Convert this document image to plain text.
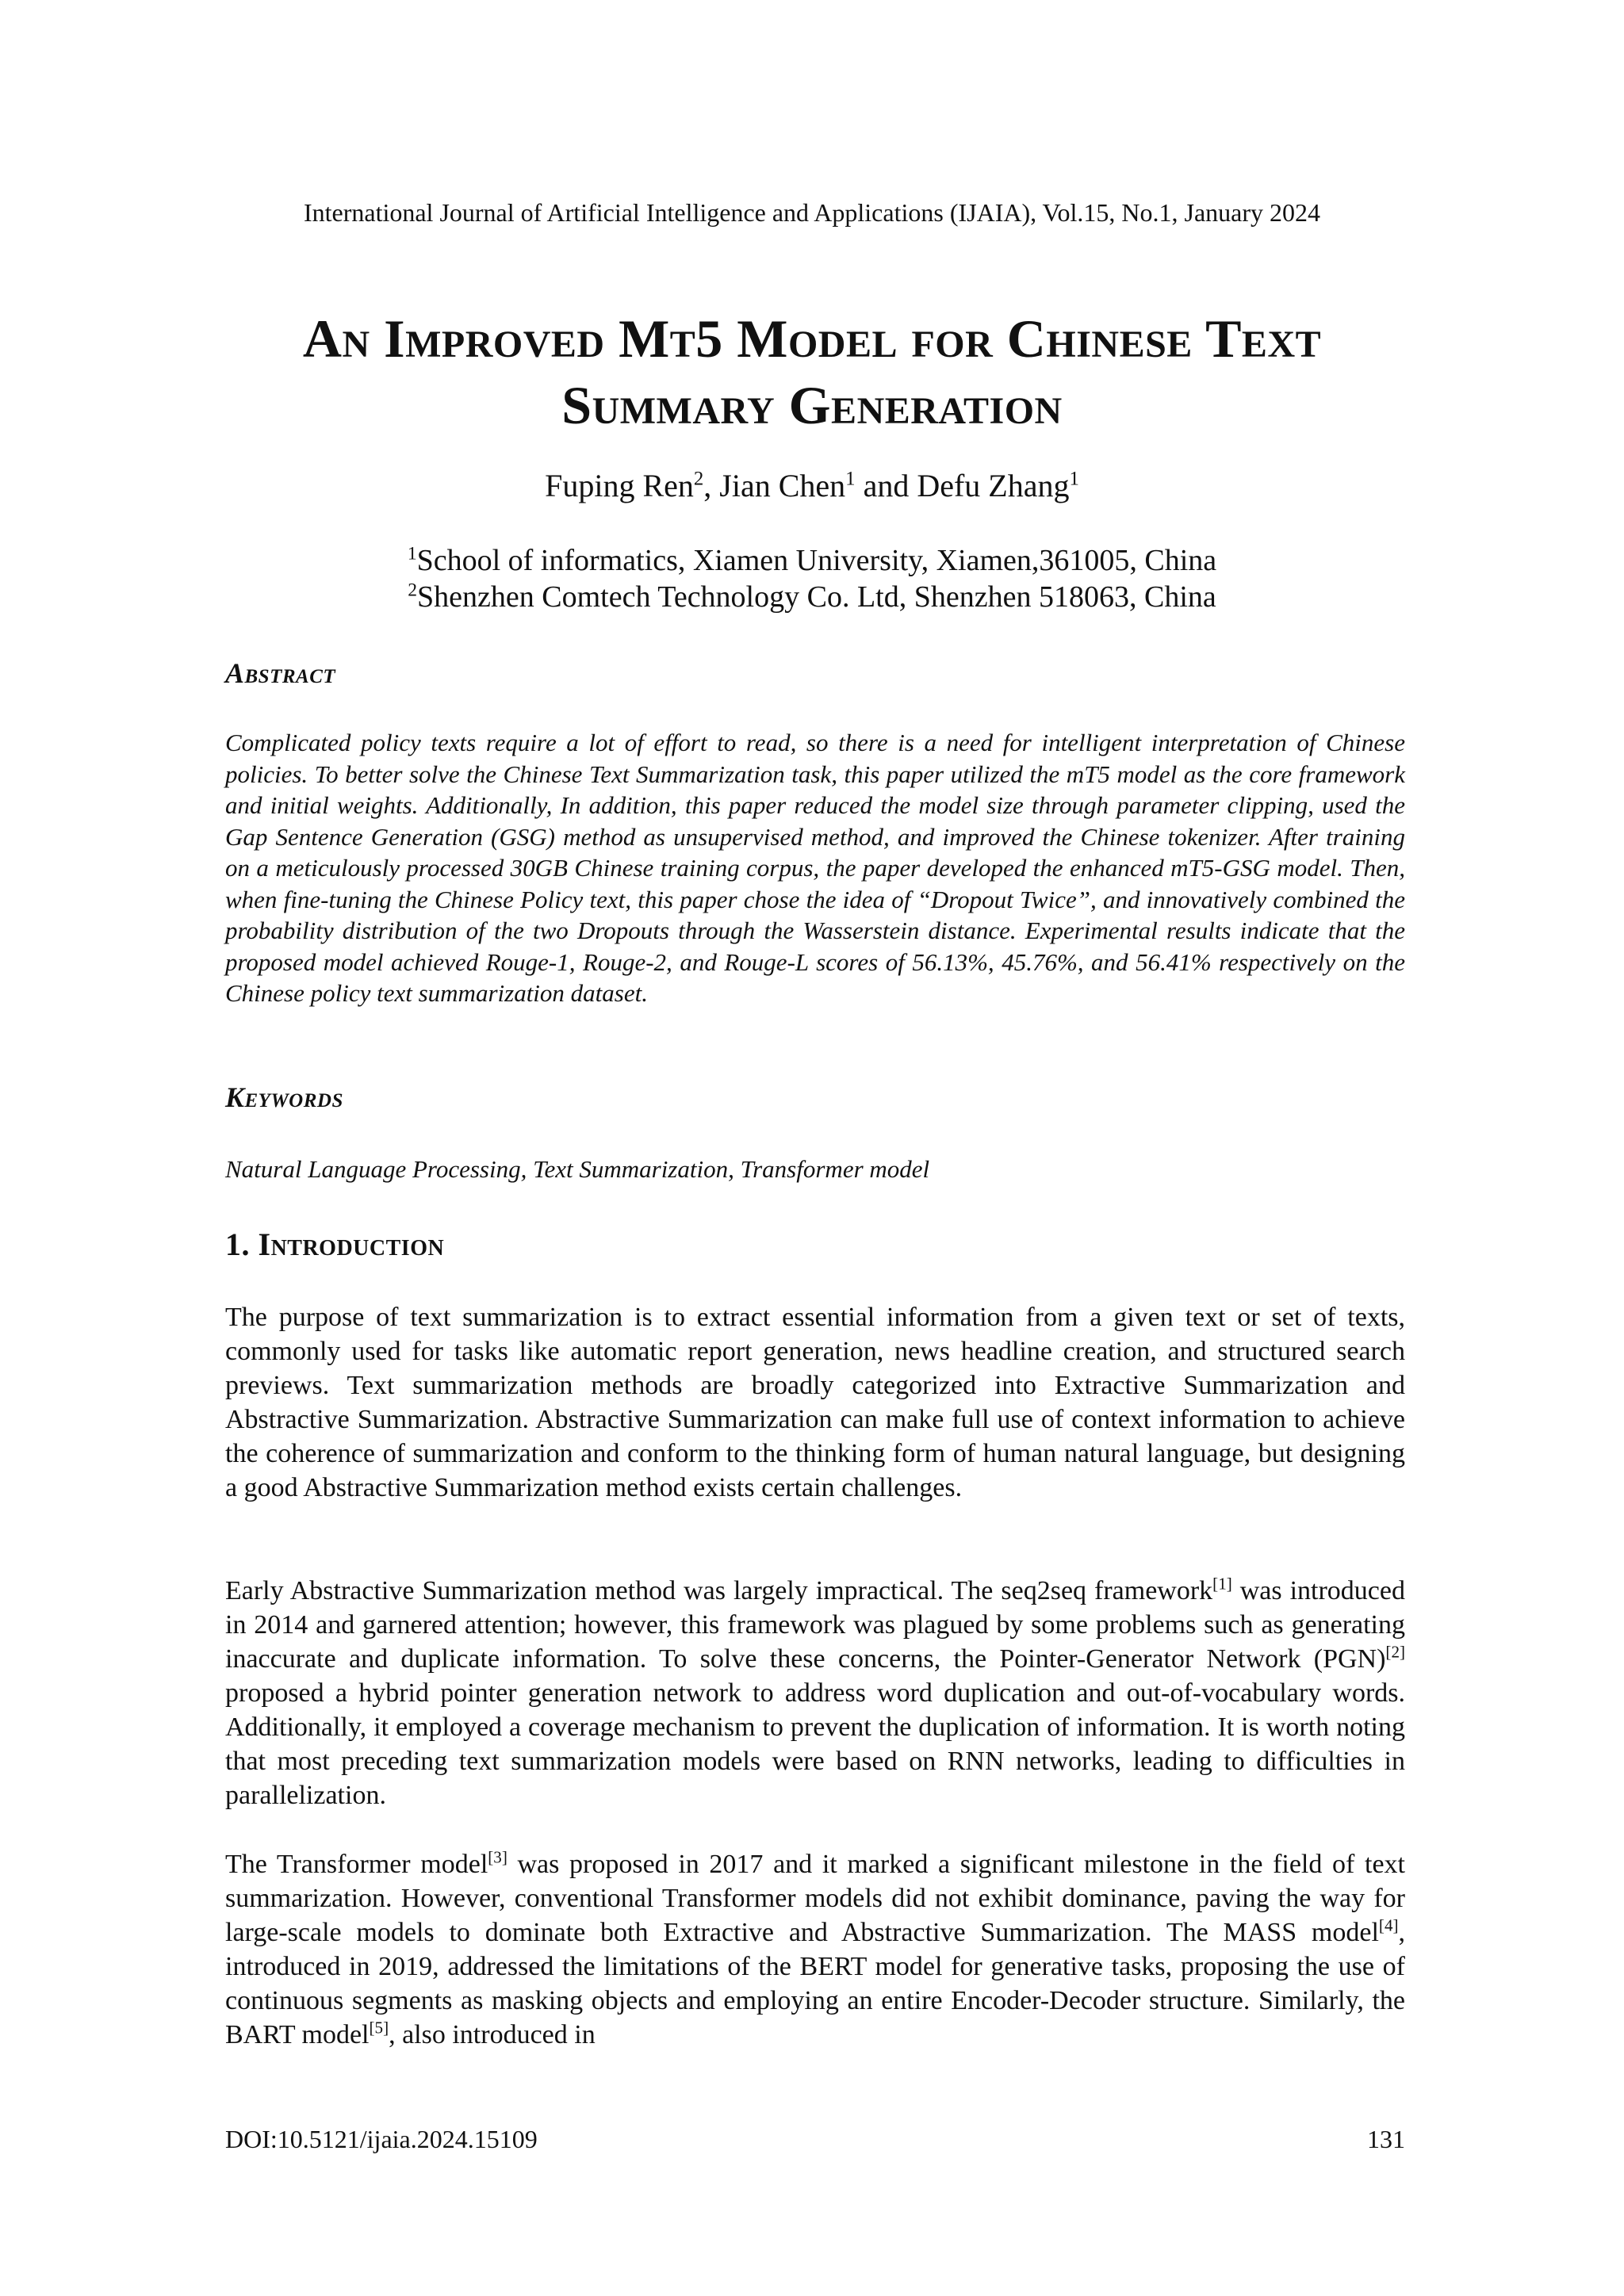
International Journal of Artificial Intelligence and Applications (IJAIA), Vol.15, No.1, January 2024
An Improved Mt5 Model for Chinese Text
Summary Generation
Fuping Ren$^2$, Jian Chen$^1$ and Defu Zhang$^1$
$^1$School of informatics, Xiamen University, Xiamen,361005, China
$^2$Shenzhen Comtech Technology Co. Ltd, Shenzhen 518063, China
Abstract
Complicated policy texts require a lot of effort to read, so there is a need for intelligent interpretation of Chinese policies. To better solve the Chinese Text Summarization task, this paper utilized the mT5 model as the core framework and initial weights. Additionally, In addition, this paper reduced the model size through parameter clipping, used the Gap Sentence Generation (GSG) method as unsupervised method, and improved the Chinese tokenizer. After training on a meticulously processed 30GB Chinese training corpus, the paper developed the enhanced mT5-GSG model. Then, when fine-tuning the Chinese Policy text, this paper chose the idea of “Dropout Twice”, and innovatively combined the probability distribution of the two Dropouts through the Wasserstein distance. Experimental results indicate that the proposed model achieved Rouge-1, Rouge-2, and Rouge-L scores of 56.13%, 45.76%, and 56.41% respectively on the Chinese policy text summarization dataset.
Keywords
Natural Language Processing, Text Summarization, Transformer model
1. Introduction
The purpose of text summarization is to extract essential information from a given text or set of texts, commonly used for tasks like automatic report generation, news headline creation, and structured search previews. Text summarization methods are broadly categorized into Extractive Summarization and Abstractive Summarization. Abstractive Summarization can make full use of context information to achieve the coherence of summarization and conform to the thinking form of human natural language, but designing a good Abstractive Summarization method exists certain challenges.
Early Abstractive Summarization method was largely impractical. The seq2seq framework[1] was introduced in 2014 and garnered attention; however, this framework was plagued by some problems such as generating inaccurate and duplicate information. To solve these concerns, the Pointer-Generator Network (PGN)[2] proposed a hybrid pointer generation network to address word duplication and out-of-vocabulary words. Additionally, it employed a coverage mechanism to prevent the duplication of information. It is worth noting that most preceding text summarization models were based on RNN networks, leading to difficulties in parallelization.
The Transformer model[3] was proposed in 2017 and it marked a significant milestone in the field of text summarization. However, conventional Transformer models did not exhibit dominance, paving the way for large-scale models to dominate both Extractive and Abstractive Summarization. The MASS model[4], introduced in 2019, addressed the limitations of the BERT model for generative tasks, proposing the use of continuous segments as masking objects and employing an entire Encoder-Decoder structure. Similarly, the BART model[5], also introduced in
DOI:10.5121/ijaia.2024.15109	131
